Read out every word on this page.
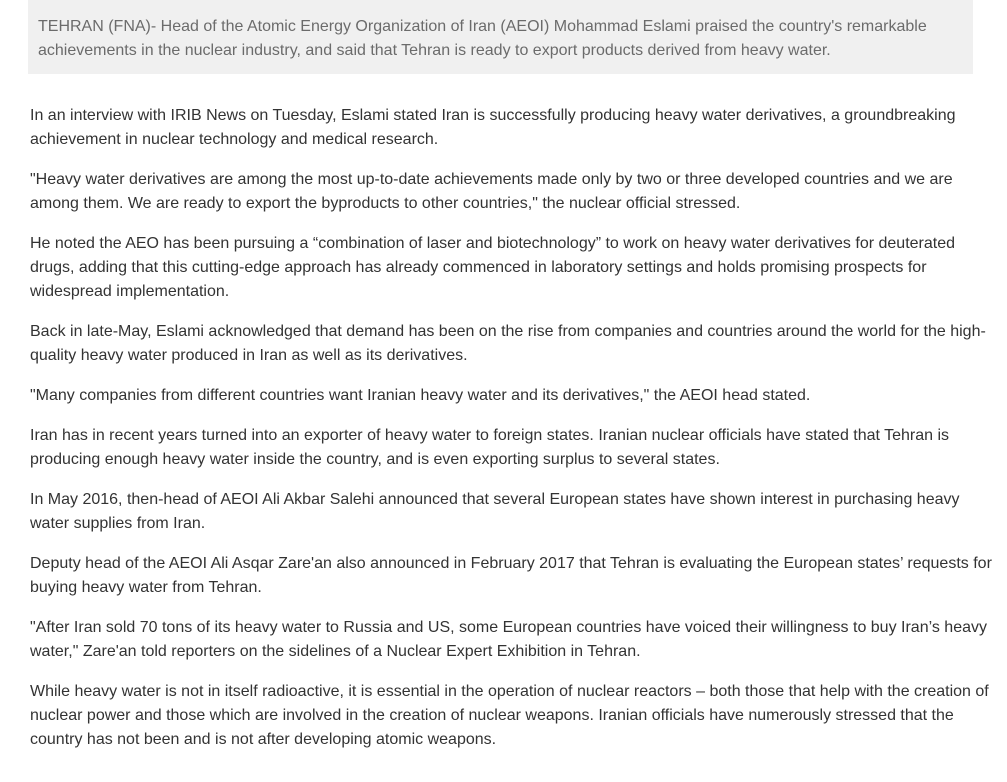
TEHRAN (FNA)- Head of the Atomic Energy Organization of Iran (AEOI) Mohammad Eslami praised the country's remarkable achievements in the nuclear industry, and said that Tehran is ready to export products derived from heavy water.

In an interview with IRIB News on Tuesday, Eslami stated Iran is successfully producing heavy water derivatives, a groundbreaking achievement in nuclear technology and medical research.

"Heavy water derivatives are among the most up-to-date achievements made only by two or three developed countries and we are among them. We are ready to export the byproducts to other countries," the nuclear official stressed.

He noted the AEO has been pursuing a “combination of laser and biotechnology” to work on heavy water derivatives for deuterated drugs, adding that this cutting-edge approach has already commenced in laboratory settings and holds promising prospects for widespread implementation.

Back in late-May, Eslami acknowledged that demand has been on the rise from companies and countries around the world for the high-quality heavy water produced in Iran as well as its derivatives.

"Many companies from different countries want Iranian heavy water and its derivatives," the AEOI head stated.

Iran has in recent years turned into an exporter of heavy water to foreign states. Iranian nuclear officials have stated that Tehran is producing enough heavy water inside the country, and is even exporting surplus to several states.

In May 2016, then-head of AEOI Ali Akbar Salehi announced that several European states have shown interest in purchasing heavy water supplies from Iran.

Deputy head of the AEOI Ali Asqar Zare'an also announced in February 2017 that Tehran is evaluating the European states’ requests for buying heavy water from Tehran.

"After Iran sold 70 tons of its heavy water to Russia and US, some European countries have voiced their willingness to buy Iran’s heavy water," Zare'an told reporters on the sidelines of a Nuclear Expert Exhibition in Tehran.

While heavy water is not in itself radioactive, it is essential in the operation of nuclear reactors – both those that help with the creation of nuclear power and those which are involved in the creation of nuclear weapons. Iranian officials have numerously stressed that the country has not been and is not after developing atomic weapons.
